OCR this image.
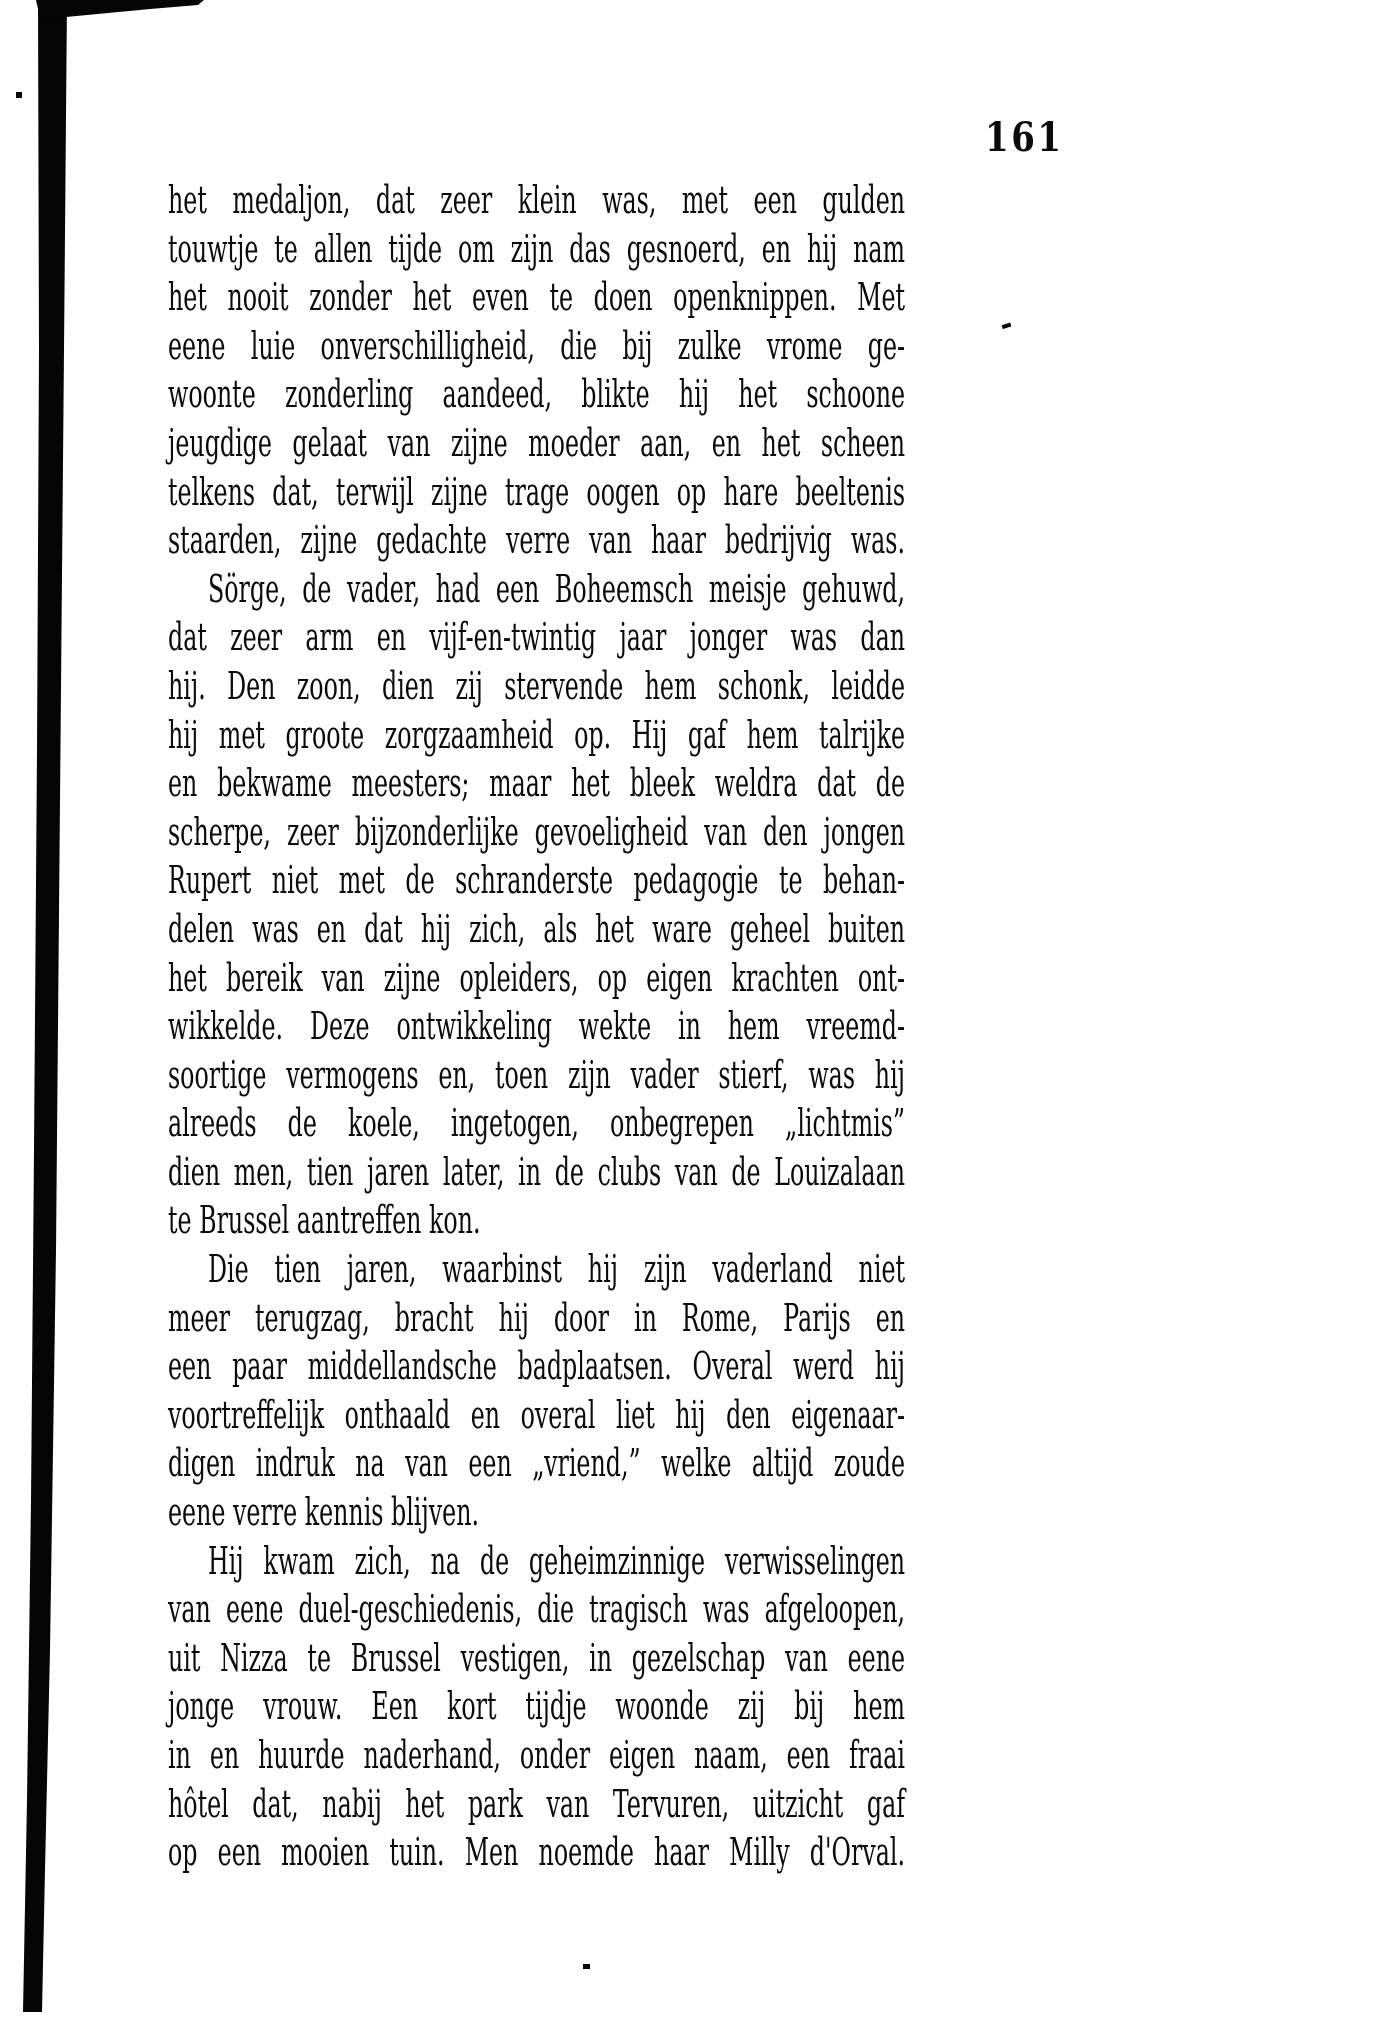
161
het medaljon, dat zeer klein was, met een gulden
touwtje te allen tijde om zijn das gesnoerd, en hij nam
het nooit zonder het even te doen openknippen. Met
eene luie onverschilligheid, die bij zulke vrome ge-
woonte zonderling aandeed, blikte hij het schoone
jeugdige gelaat van zijne moeder aan, en het scheen
telkens dat, terwijl zijne trage oogen op hare beeltenis
staarden, zijne gedachte verre van haar bedrijvig was.
Sörge, de vader, had een Boheemsch meisje gehuwd,
dat zeer arm en vijf-en-twintig jaar jonger was dan
hij. Den zoon, dien zij stervende hem schonk, leidde
hij met groote zorgzaamheid op. Hij gaf hem talrijke
en bekwame meesters; maar het bleek weldra dat de
scherpe, zeer bijzonderlijke gevoeligheid van den jongen
Rupert niet met de schranderste pedagogie te behan-
delen was en dat hij zich, als het ware geheel buiten
het bereik van zijne opleiders, op eigen krachten ont-
wikkelde. Deze ontwikkeling wekte in hem vreemd-
soortige vermogens en, toen zijn vader stierf, was hij
alreeds de koele, ingetogen, onbegrepen „lichtmis”
dien men, tien jaren later, in de clubs van de Louizalaan
te Brussel aantreffen kon.
Die tien jaren, waarbinst hij zijn vaderland niet
meer terugzag, bracht hij door in Rome, Parijs en
een paar middellandsche badplaatsen. Overal werd hij
voortreffelijk onthaald en overal liet hij den eigenaar-
digen indruk na van een „vriend,” welke altijd zoude
eene verre kennis blijven.
Hij kwam zich, na de geheimzinnige verwisselingen
van eene duel-geschiedenis, die tragisch was afgeloopen,
uit Nizza te Brussel vestigen, in gezelschap van eene
jonge vrouw. Een kort tijdje woonde zij bij hem
in en huurde naderhand, onder eigen naam, een fraai
hôtel dat, nabij het park van Tervuren, uitzicht gaf
op een mooien tuin. Men noemde haar Milly d'Orval.
